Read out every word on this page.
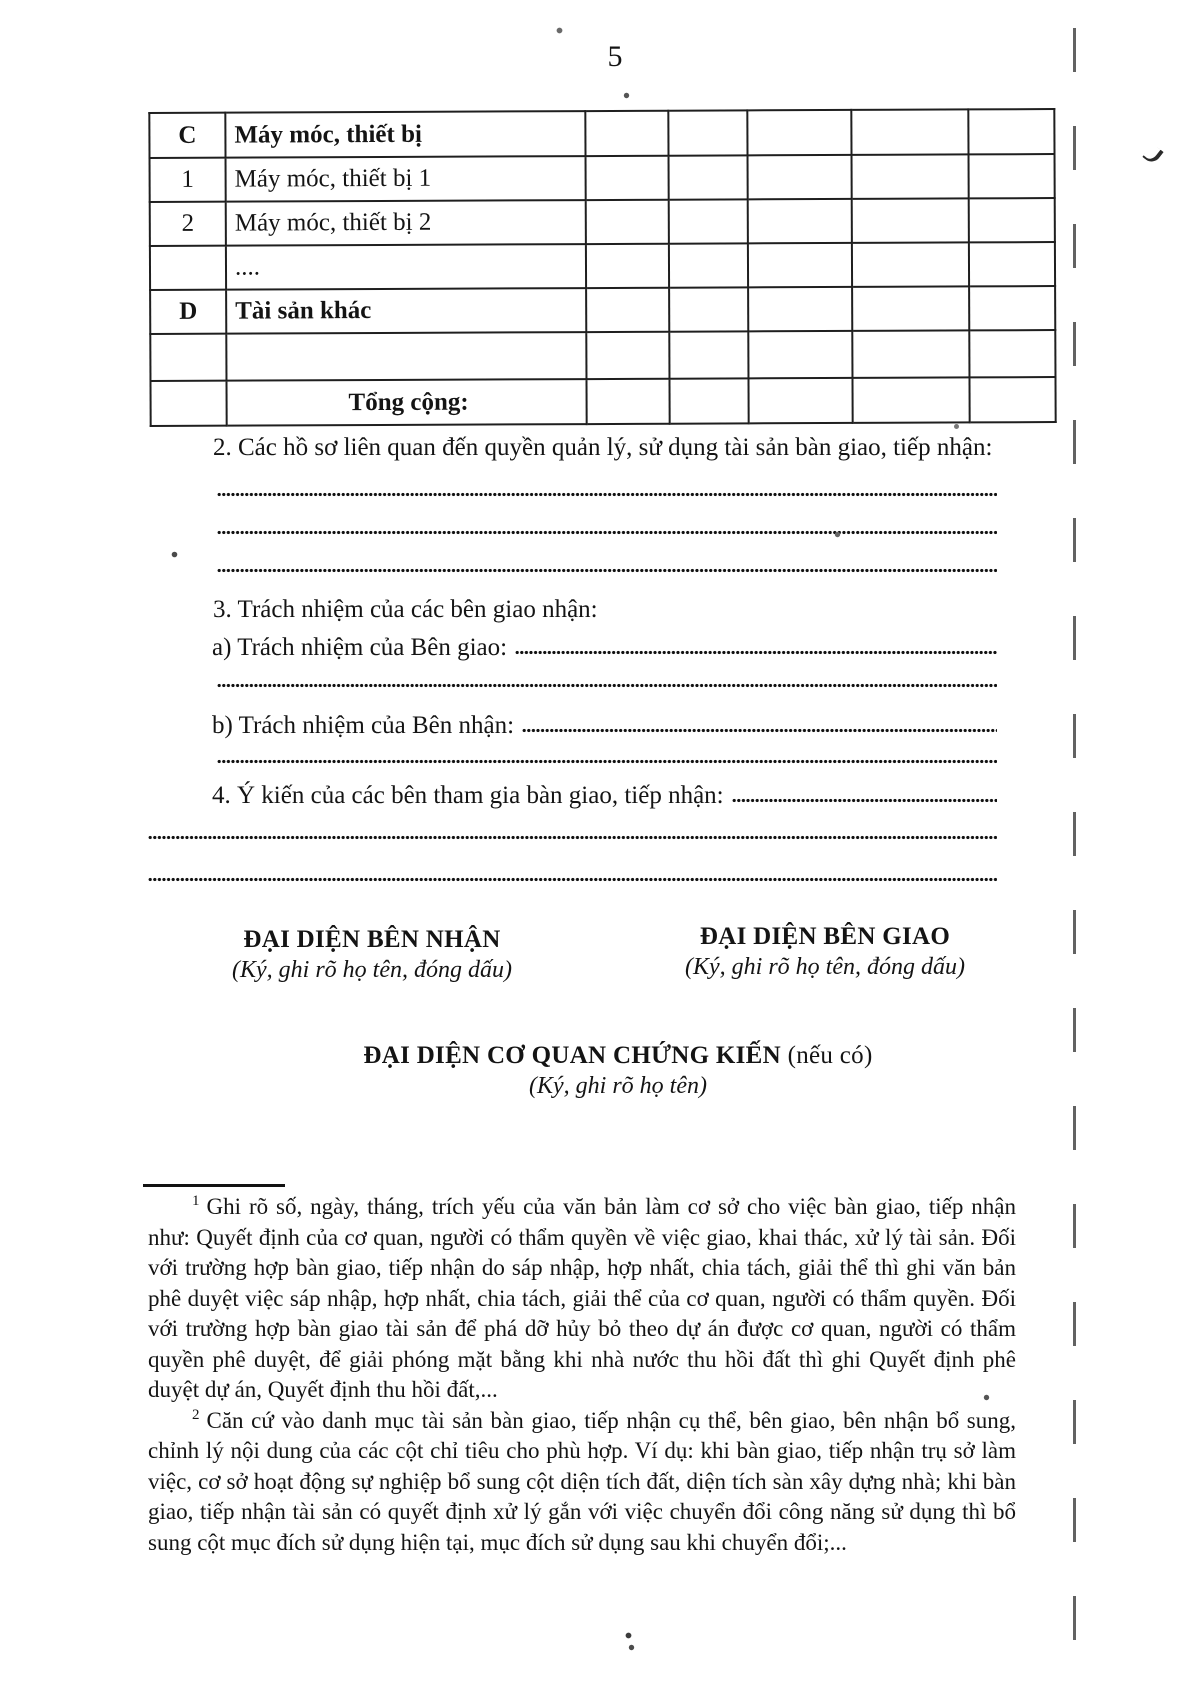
5
C	Máy móc, thiết bị					
1	Máy móc, thiết bị 1					
2	Máy móc, thiết bị 2					
	....					
D	Tài sản khác					

	Tổng cộng:					
2. Các hồ sơ liên quan đến quyền quản lý, sử dụng tài sản bàn giao, tiếp nhận:
3. Trách nhiệm của các bên giao nhận:
a) Trách nhiệm của Bên giao:
b) Trách nhiệm của Bên nhận:
4. Ý kiến của các bên tham gia bàn giao, tiếp nhận:
ĐẠI DIỆN BÊN NHẬN
(Ký, ghi rõ họ tên, đóng dấu)
ĐẠI DIỆN BÊN GIAO
(Ký, ghi rõ họ tên, đóng dấu)
ĐẠI DIỆN CƠ QUAN CHỨNG KIẾN (nếu có)
(Ký, ghi rõ họ tên)

$^1$ Ghi rõ số, ngày, tháng, trích yếu của văn bản làm cơ sở cho việc bàn giao, tiếp nhận như: Quyết định của cơ quan, người có thẩm quyền về việc giao, khai thác, xử lý tài sản. Đối với trường hợp bàn giao, tiếp nhận do sáp nhập, hợp nhất, chia tách, giải thể thì ghi văn bản phê duyệt việc sáp nhập, hợp nhất, chia tách, giải thể của cơ quan, người có thẩm quyền. Đối với trường hợp bàn giao tài sản để phá dỡ hủy bỏ theo dự án được cơ quan, người có thẩm quyền phê duyệt, để giải phóng mặt bằng khi nhà nước thu hồi đất thì ghi Quyết định phê duyệt dự án, Quyết định thu hồi đất,...

$^2$ Căn cứ vào danh mục tài sản bàn giao, tiếp nhận cụ thể, bên giao, bên nhận bổ sung, chỉnh lý nội dung của các cột chỉ tiêu cho phù hợp. Ví dụ: khi bàn giao, tiếp nhận trụ sở làm việc, cơ sở hoạt động sự nghiệp bổ sung cột diện tích đất, diện tích sàn xây dựng nhà; khi bàn giao, tiếp nhận tài sản có quyết định xử lý gắn với việc chuyển đổi công năng sử dụng thì bổ sung cột mục đích sử dụng hiện tại, mục đích sử dụng sau khi chuyển đổi;...
